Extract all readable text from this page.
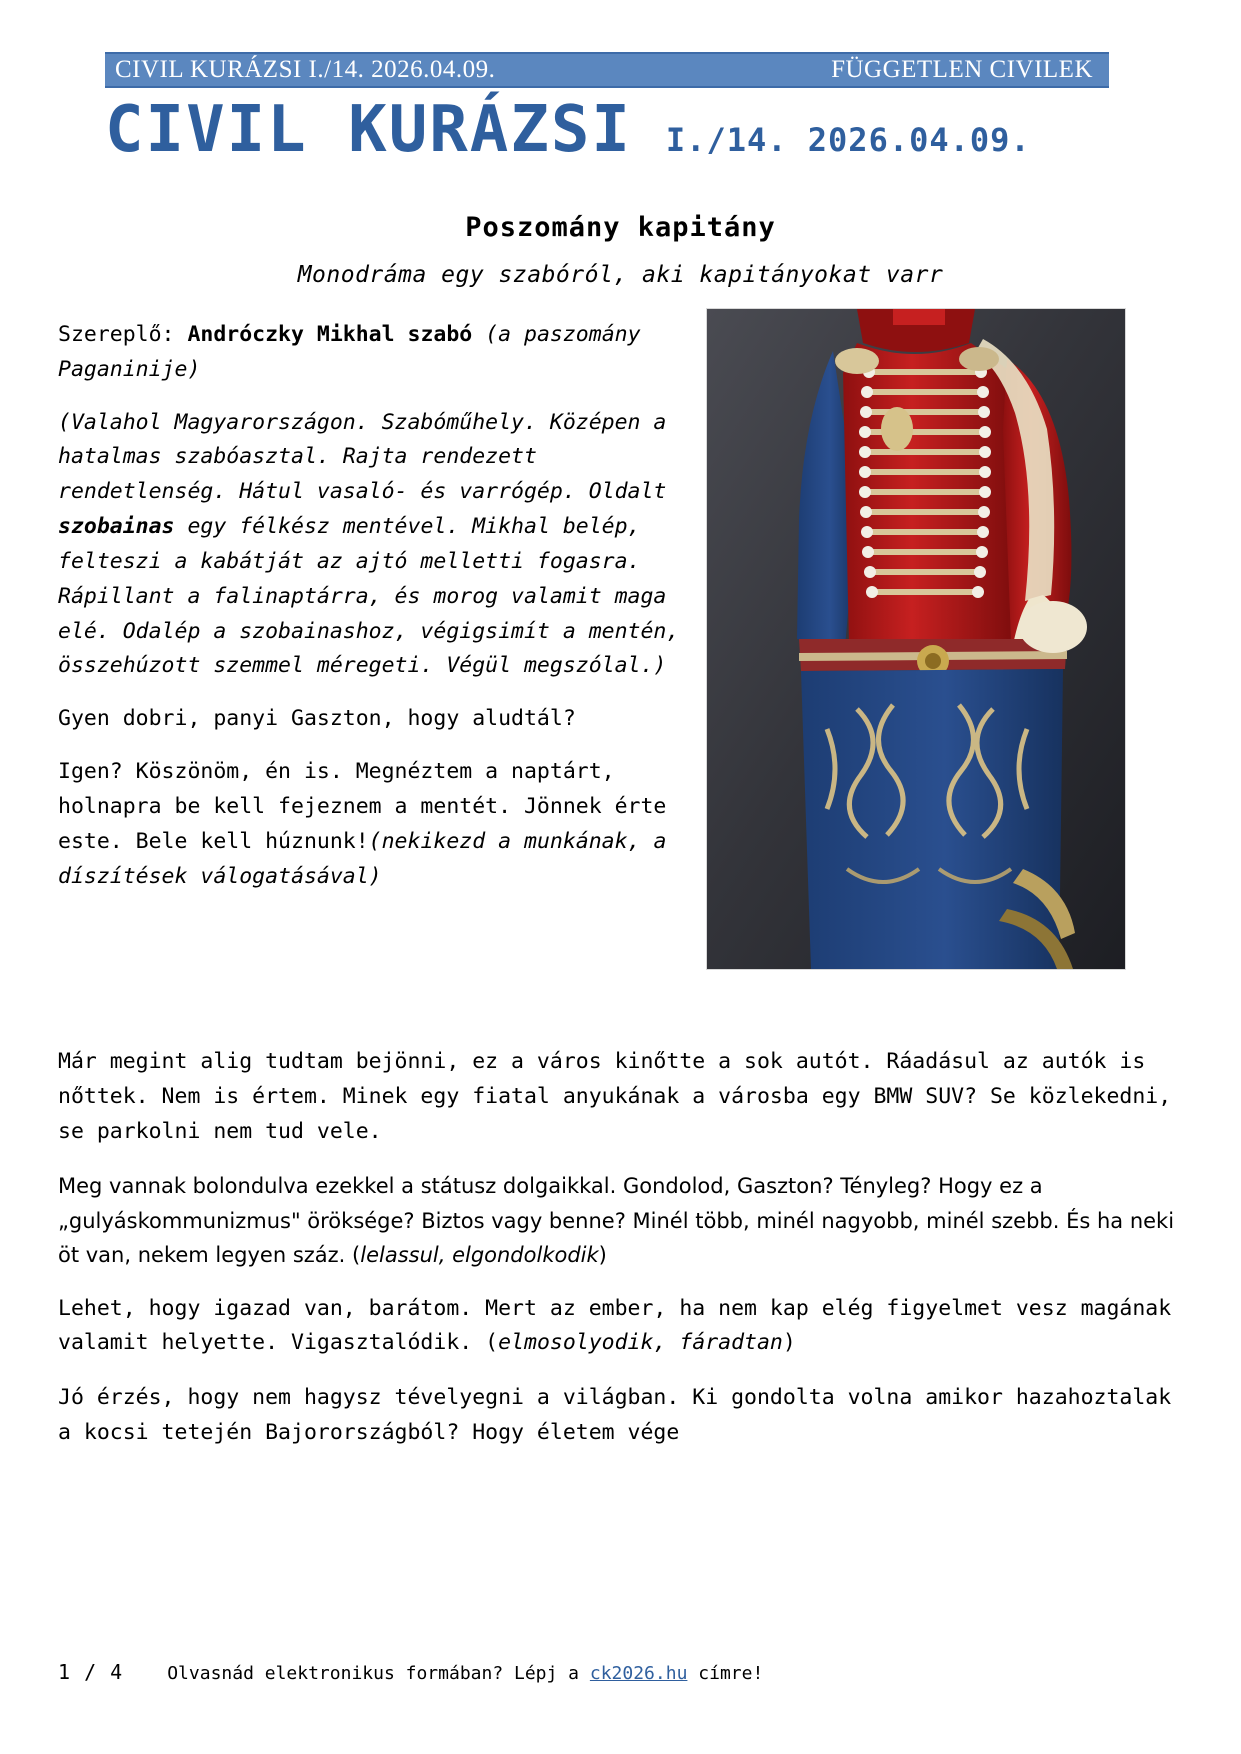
CIVIL KURÁZSI I./14. 2026.04.09.	FÜGGETLEN CIVILEK
CIVIL KURÁZSI I./14. 2026.04.09.
Poszomány kapitány
Monodráma egy szabóról, aki kapitányokat varr

Szereplő: Andróczky Mikhal szabó (a paszomány Paganinije)

(Valahol Magyarországon. Szabóműhely. Középen a hatalmas szabóasztal. Rajta rendezett rendetlenség. Hátul vasaló- és varrógép. Oldalt szobainas egy félkész mentével. Mikhal belép, felteszi a kabátját az ajtó melletti fogasra. Rápillant a falinaptárra, és morog valamit maga elé. Odalép a szobainashoz, végigsimít a mentén, összehúzott szemmel méregeti. Végül megszólal.)

Gyen dobri, panyi Gaszton, hogy aludtál?

Igen? Köszönöm, én is. Megnéztem a naptárt, holnapra be kell fejeznem a mentét. Jönnek érte este. Bele kell húznunk!(nekikezd a munkának, a díszítések válogatásával)

Már megint alig tudtam bejönni, ez a város kinőtte a sok autót. Ráadásul az autók is nőttek. Nem is értem. Minek egy fiatal anyukának a városba egy BMW SUV? Se közlekedni, se parkolni nem tud vele.

Meg vannak bolondulva ezekkel a státusz dolgaikkal. Gondolod, Gaszton? Tényleg? Hogy ez a „gulyáskommunizmus" öröksége? Biztos vagy benne? Minél több, minél nagyobb, minél szebb. És ha neki öt van, nekem legyen száz. (lelassul, elgondolkodik)

Lehet, hogy igazad van, barátom. Mert az ember, ha nem kap elég figyelmet vesz magának valamit helyette. Vigasztalódik. (elmosolyodik, fáradtan)

Jó érzés, hogy nem hagysz tévelyegni a világban. Ki gondolta volna amikor hazahoztalak a kocsi tetején Bajorországból? Hogy életem vége

1 / 4 Olvasnád elektronikus formában? Lépj a ck2026.hu címre!
